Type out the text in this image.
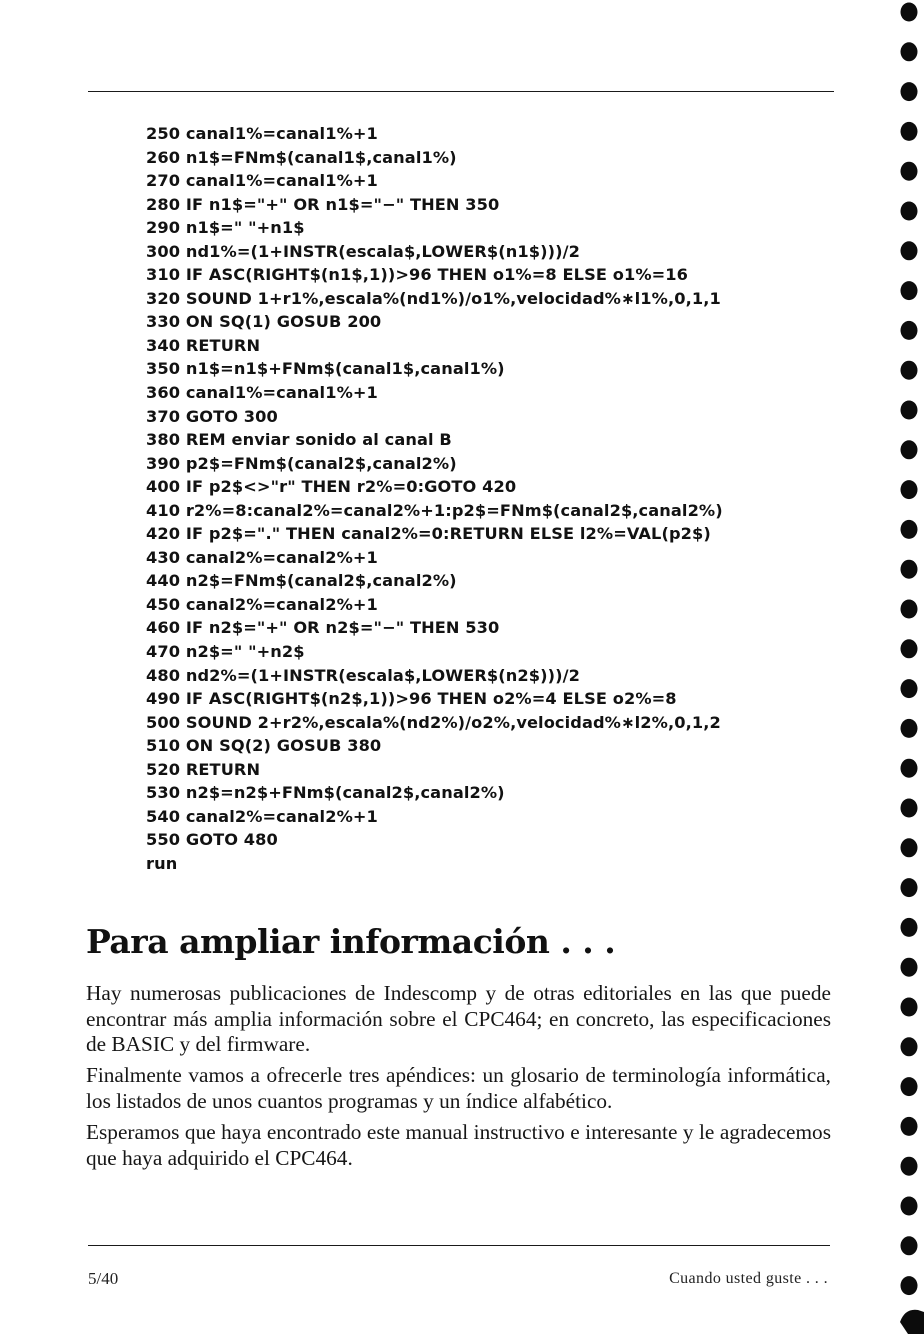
250 canal1%=canal1%+1
260 n1$=FNm$(canal1$,canal1%)
270 canal1%=canal1%+1
280 IF n1$="+" OR n1$="−" THEN 350
290 n1$=" "+n1$
300 nd1%=(1+INSTR(escala$,LOWER$(n1$)))/2
310 IF ASC(RIGHT$(n1$,1))>96 THEN o1%=8 ELSE o1%=16
320 SOUND 1+r1%,escala%(nd1%)/o1%,velocidad%∗l1%,0,1,1
330 ON SQ(1) GOSUB 200
340 RETURN
350 n1$=n1$+FNm$(canal1$,canal1%)
360 canal1%=canal1%+1
370 GOTO 300
380 REM enviar sonido al canal B
390 p2$=FNm$(canal2$,canal2%)
400 IF p2$<>"r" THEN r2%=0:GOTO 420
410 r2%=8:canal2%=canal2%+1:p2$=FNm$(canal2$,canal2%)
420 IF p2$="." THEN canal2%=0:RETURN ELSE l2%=VAL(p2$)
430 canal2%=canal2%+1
440 n2$=FNm$(canal2$,canal2%)
450 canal2%=canal2%+1
460 IF n2$="+" OR n2$="−" THEN 530
470 n2$=" "+n2$
480 nd2%=(1+INSTR(escala$,LOWER$(n2$)))/2
490 IF ASC(RIGHT$(n2$,1))>96 THEN o2%=4 ELSE o2%=8
500 SOUND 2+r2%,escala%(nd2%)/o2%,velocidad%∗l2%,0,1,2
510 ON SQ(2) GOSUB 380
520 RETURN
530 n2$=n2$+FNm$(canal2$,canal2%)
540 canal2%=canal2%+1
550 GOTO 480
run
Para ampliar información . . .

Hay numerosas publicaciones de Indescomp y de otras editoriales en las que puede encontrar más amplia información sobre el CPC464; en concreto, las especificaciones de BASIC y del firmware.

Finalmente vamos a ofrecerle tres apéndices: un glosario de terminología informática, los listados de unos cuantos programas y un índice alfabético.

Esperamos que haya encontrado este manual instructivo e interesante y le agradecemos que haya adquirido el CPC464.

5/40	Cuando usted guste . . .
